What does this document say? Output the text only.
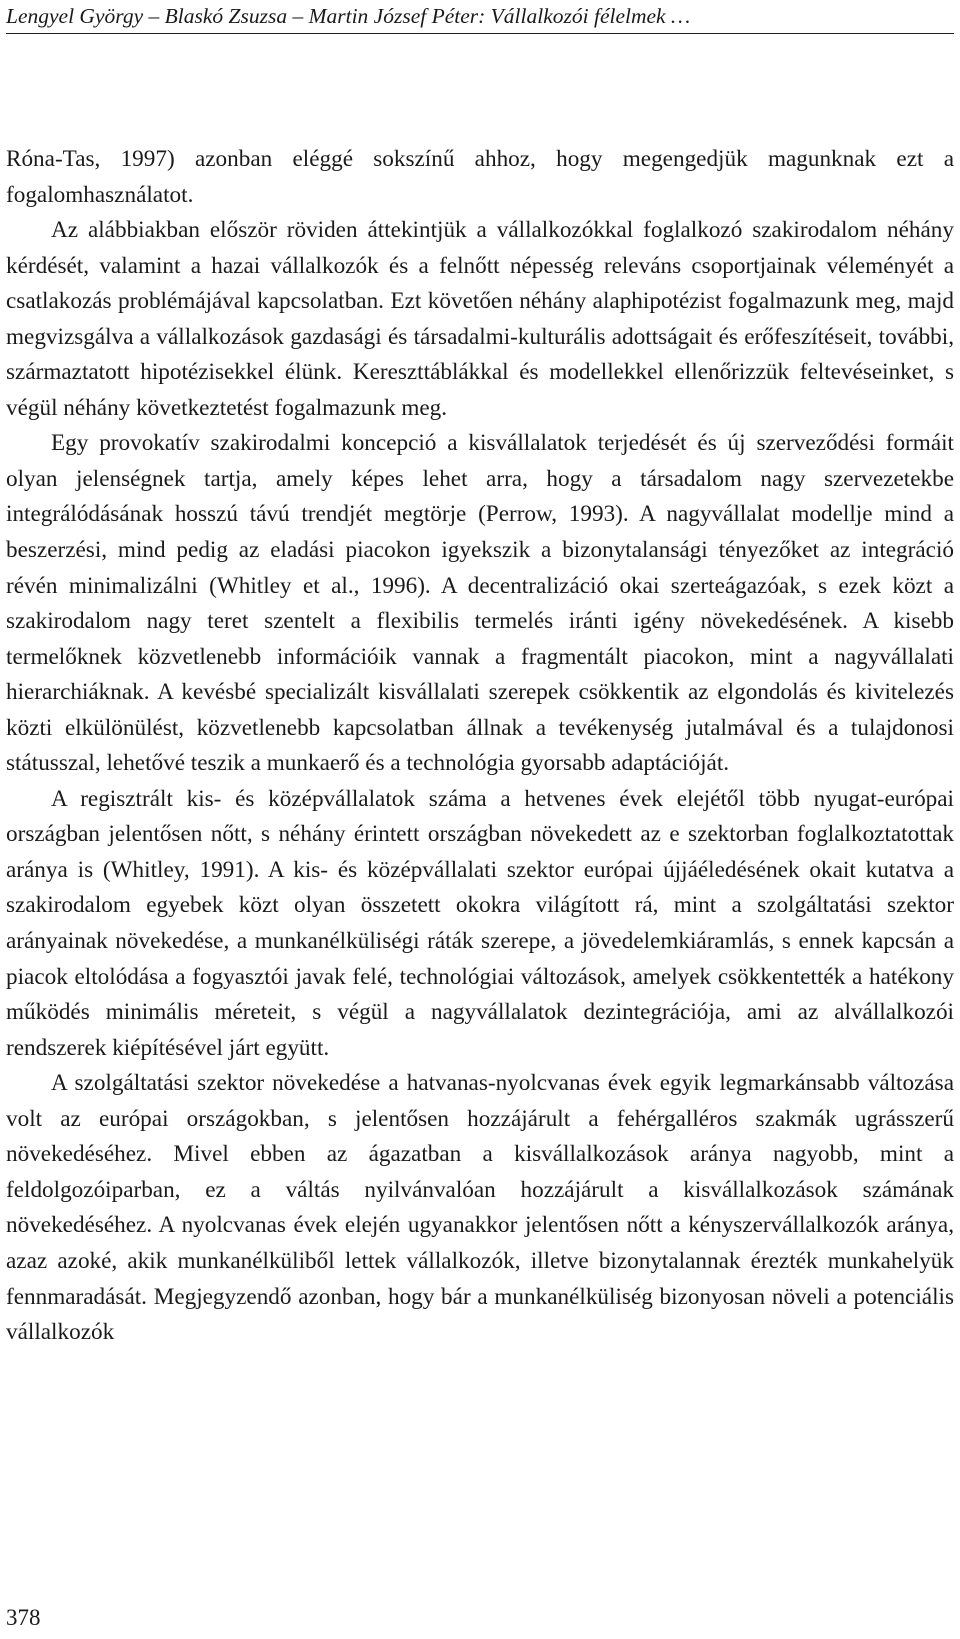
Lengyel György – Blaskó Zsuzsa – Martin József Péter: Vállalkozói félelmek …

Róna-Tas, 1997) azonban eléggé sokszínű ahhoz, hogy megengedjük magunknak ezt a fogalomhasználatot.

Az alábbiakban először röviden áttekintjük a vállalkozókkal foglalkozó szakirodalom néhány kérdését, valamint a hazai vállalkozók és a felnőtt népesség releváns csoportjainak véleményét a csatlakozás problémájával kapcsolatban. Ezt követően néhány alaphipotézist fogalmazunk meg, majd megvizsgálva a vállalkozások gazdasági és társadalmi-kulturális adottságait és erőfeszítéseit, további, származtatott hipotézisekkel élünk. Kereszttáblákkal és modellekkel ellenőrizzük feltevéseinket, s végül néhány következtetést fogalmazunk meg.

Egy provokatív szakirodalmi koncepció a kisvállalatok terjedését és új szerveződési formáit olyan jelenségnek tartja, amely képes lehet arra, hogy a társadalom nagy szervezetekbe integrálódásának hosszú távú trendjét megtörje (Perrow, 1993). A nagyvállalat modellje mind a beszerzési, mind pedig az eladási piacokon igyekszik a bizonytalansági tényezőket az integráció révén minimalizálni (Whitley et al., 1996). A decentralizáció okai szerteágazóak, s ezek közt a szakirodalom nagy teret szentelt a flexibilis termelés iránti igény növekedésének. A kisebb termelőknek közvetlenebb információik vannak a fragmentált piacokon, mint a nagyvállalati hierarchiáknak. A kevésbé specializált kisvállalati szerepek csökkentik az elgondolás és kivitelezés közti elkülönülést, közvetlenebb kapcsolatban állnak a tevékenység jutalmával és a tulajdonosi státusszal, lehetővé teszik a munkaerő és a technológia gyorsabb adaptációját.

A regisztrált kis- és középvállalatok száma a hetvenes évek elejétől több nyugat-európai országban jelentősen nőtt, s néhány érintett országban növekedett az e szektorban foglalkoztatottak aránya is (Whitley, 1991). A kis- és középvállalati szektor európai újjáéledésének okait kutatva a szakirodalom egyebek közt olyan összetett okokra világított rá, mint a szolgáltatási szektor arányainak növekedése, a munkanélküliségi ráták szerepe, a jövedelemkiáramlás, s ennek kapcsán a piacok eltolódása a fogyasztói javak felé, technológiai változások, amelyek csökkentették a hatékony működés minimális méreteit, s végül a nagyvállalatok dezintegrációja, ami az alvállalkozói rendszerek kiépítésével járt együtt.

A szolgáltatási szektor növekedése a hatvanas-nyolcvanas évek egyik legmarkánsabb változása volt az európai országokban, s jelentősen hozzájárult a fehérgalléros szakmák ugrásszerű növekedéséhez. Mivel ebben az ágazatban a kisvállalkozások aránya nagyobb, mint a feldolgozóiparban, ez a váltás nyilvánvalóan hozzájárult a kisvállalkozások számának növekedéséhez. A nyolcvanas évek elején ugyanakkor jelentősen nőtt a kényszervállalkozók aránya, azaz azoké, akik munkanélküliből lettek vállalkozók, illetve bizonytalannak érezték munkahelyük fennmaradását. Megjegyzendő azonban, hogy bár a munkanélküliség bizonyosan növeli a potenciális vállalkozók

378
